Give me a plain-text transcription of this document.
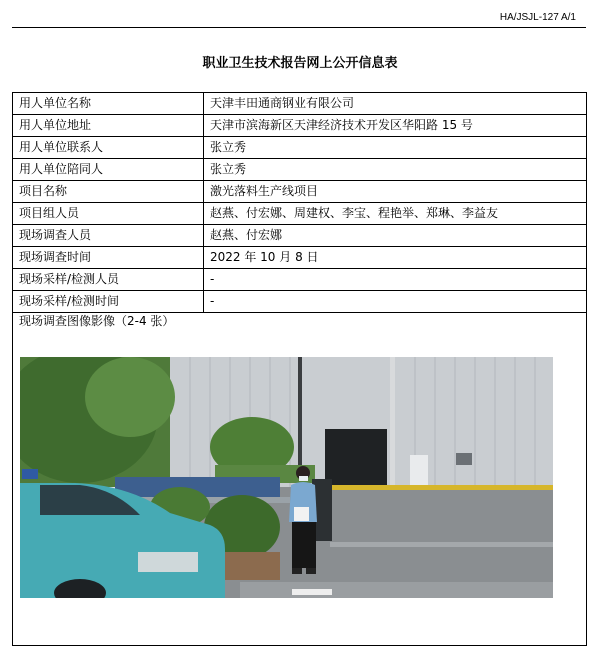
HA/JSJL-127 A/1
职业卫生技术报告网上公开信息表
用人单位名称	天津丰田通商钢业有限公司
用人单位地址	天津市滨海新区天津经济技术开发区华阳路 15 号
用人单位联系人	张立秀
用人单位陪同人	张立秀
项目名称	激光落料生产线项目
项目组人员	赵燕、付宏娜、周建权、李宝、程艳举、郑琳、李益友
现场调查人员	赵燕、付宏娜
现场调查时间	2022 年 10 月 8 日
现场采样/检测人员	-
现场采样/检测时间	-
现场调查图像影像（2-4 张）
